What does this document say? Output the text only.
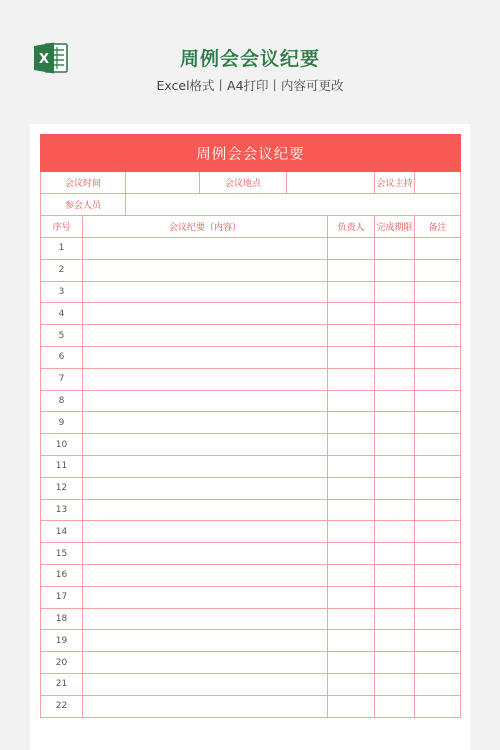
X	周例会会议纪要
Excel格式丨A4打印丨内容可更改
周例会会议纪要							
会议时间			会议地点			会议主持	
参会人员							
序号	会议纪要（内容）				负责人	完成期限	备注
1							
2							
3							
4							
5							
6							
7							
8							
9							
10							
11							
12							
13							
14							
15							
16							
17							
18							
19							
20							
21							
22							
